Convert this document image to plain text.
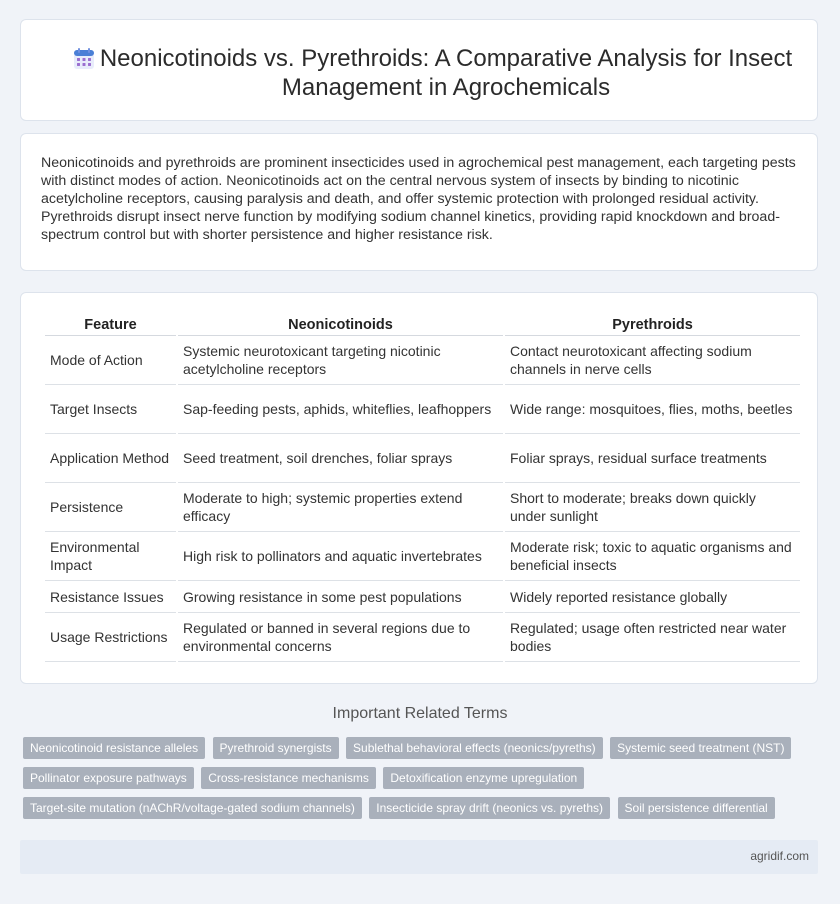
Neonicotinoids vs. Pyrethroids: A Comparative Analysis for Insect Management in Agrochemicals

Neonicotinoids and pyrethroids are prominent insecticides used in agrochemical pest management, each targeting pests with distinct modes of action. Neonicotinoids act on the central nervous system of insects by binding to nicotinic acetylcholine receptors, causing paralysis and death, and offer systemic protection with prolonged residual activity. Pyrethroids disrupt insect nerve function by modifying sodium channel kinetics, providing rapid knockdown and broad-spectrum control but with shorter persistence and higher resistance risk.

Feature	Neonicotinoids	Pyrethroids
Mode of Action	Systemic neurotoxicant targeting nicotinic acetylcholine receptors	Contact neurotoxicant affecting sodium channels in nerve cells
Target Insects	Sap-feeding pests, aphids, whiteflies, leafhoppers	Wide range: mosquitoes, flies, moths, beetles
Application Method	Seed treatment, soil drenches, foliar sprays	Foliar sprays, residual surface treatments
Persistence	Moderate to high; systemic properties extend efficacy	Short to moderate; breaks down quickly under sunlight
Environmental Impact	High risk to pollinators and aquatic invertebrates	Moderate risk; toxic to aquatic organisms and beneficial insects
Resistance Issues	Growing resistance in some pest populations	Widely reported resistance globally
Usage Restrictions	Regulated or banned in several regions due to environmental concerns	Regulated; usage often restricted near water bodies
Important Related Terms
Neonicotinoid resistance alleles Pyrethroid synergists Sublethal behavioral effects (neonics/pyreths) Systemic seed treatment (NST) Pollinator exposure pathways Cross-resistance mechanisms Detoxification enzyme upregulation Target-site mutation (nAChR/voltage-gated sodium channels) Insecticide spray drift (neonics vs. pyreths) Soil persistence differential
agridif.com
